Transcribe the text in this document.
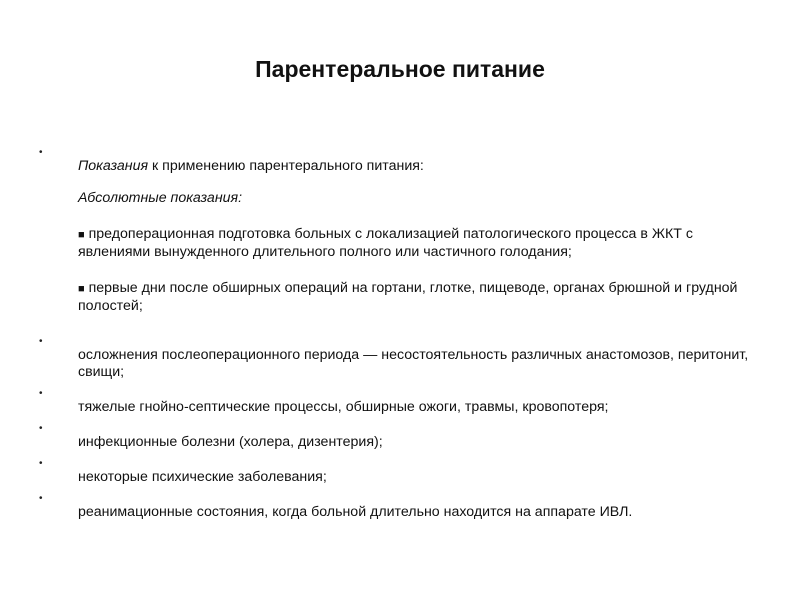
Парентеральное питание
•

Показания к применению парентерального питания:

Абсолютные показания:

■ предоперационная подготовка больных с локализацией патологического процесса в ЖКТ с явлениями вынужденного длительного полного или частичного голодания;

■ первые дни после обширных операций на гортани, глотке, пищеводе, органах брюшной и грудной полостей;

•

осложнения послеоперационного периода — несостоятельность различных анастомозов, перитонит, свищи;

•

тяжелые гнойно-септические процессы, обширные ожоги, травмы, кровопотеря;

•

инфекционные болезни (холера, дизентерия);

•

некоторые психические заболевания;

•

реанимационные состояния, когда больной длительно находится на аппарате ИВЛ.
